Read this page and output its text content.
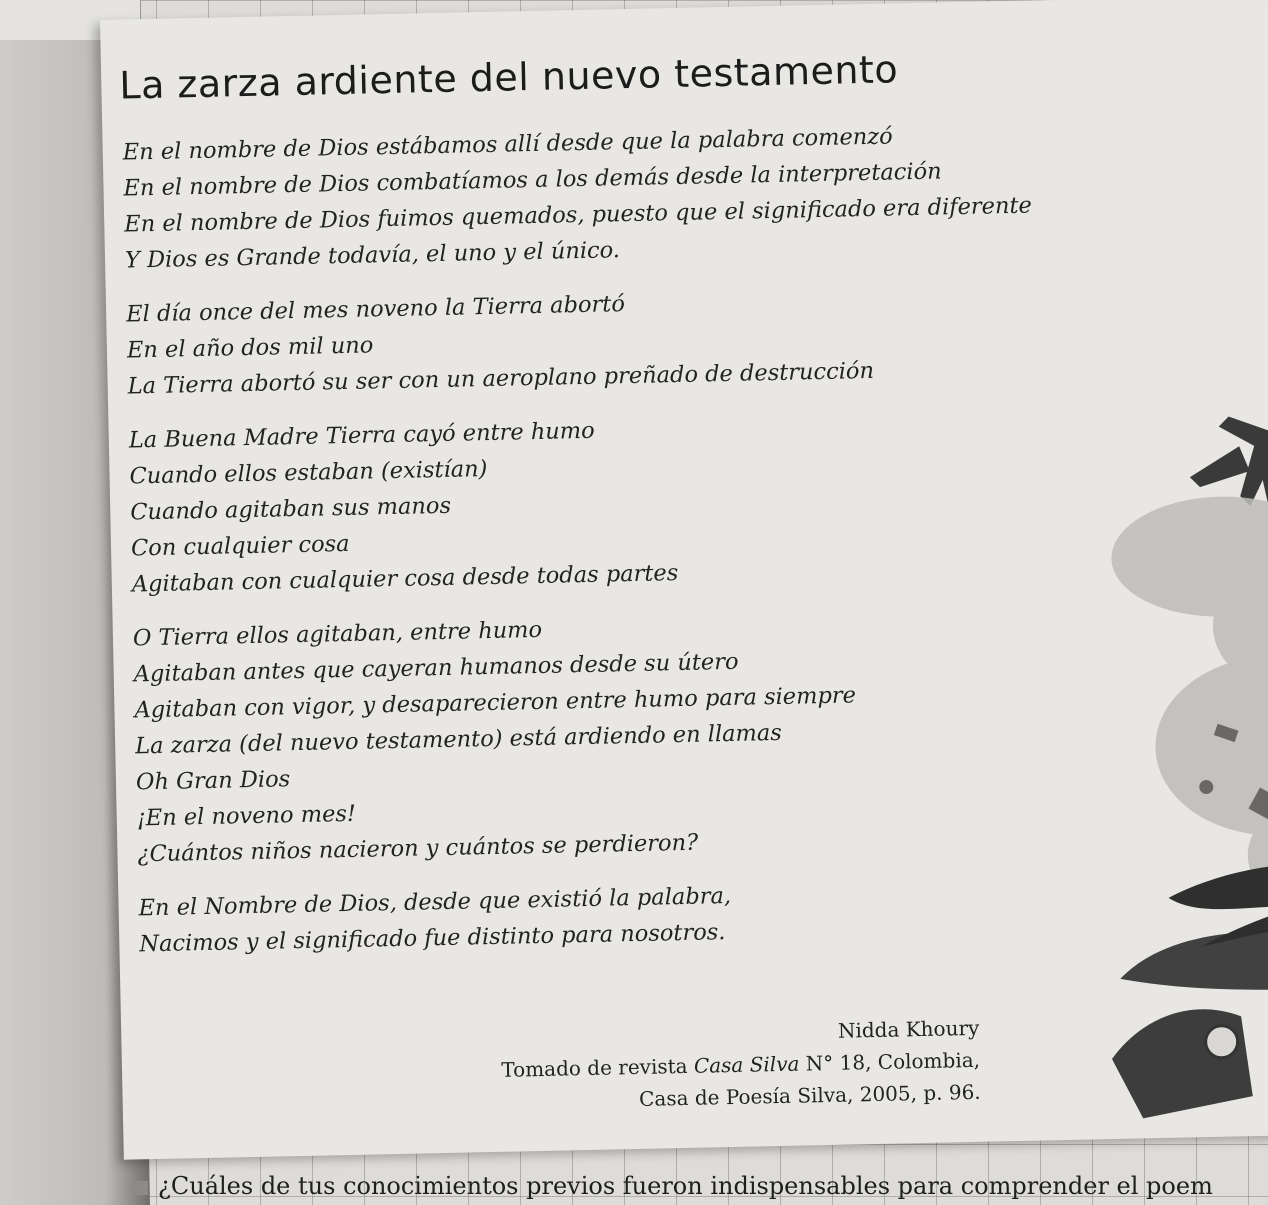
La zarza ardiente del nuevo testamento
En el nombre de Dios estábamos allí desde que la palabra comenzó
En el nombre de Dios combatíamos a los demás desde la interpretación
En el nombre de Dios fuimos quemados, puesto que el significado era diferente
Y Dios es Grande todavía, el uno y el único.
El día once del mes noveno la Tierra abortó
En el año dos mil uno
La Tierra abortó su ser con un aeroplano preñado de destrucción
La Buena Madre Tierra cayó entre humo
Cuando ellos estaban (existían)
Cuando agitaban sus manos
Con cualquier cosa
Agitaban con cualquier cosa desde todas partes
O Tierra ellos agitaban, entre humo
Agitaban antes que cayeran humanos desde su útero
Agitaban con vigor, y desaparecieron entre humo para siempre
La zarza (del nuevo testamento) está ardiendo en llamas
Oh Gran Dios
¡En el noveno mes!
¿Cuántos niños nacieron y cuántos se perdieron?
En el Nombre de Dios, desde que existió la palabra,
Nacimos y el significado fue distinto para nosotros.
Nidda Khoury
Tomado de revista Casa Silva N° 18, Colombia,
Casa de Poesía Silva, 2005, p. 96.
¿Cuáles de tus conocimientos previos fueron indispensables para comprender el poem
